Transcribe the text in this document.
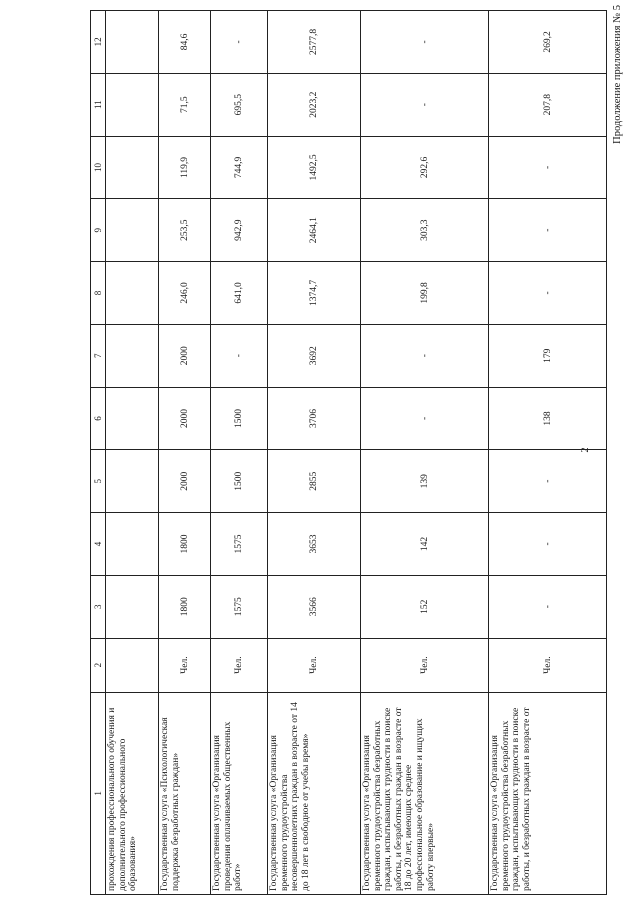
2
Продолжение приложения № 5
1	2	3	4	5	6	7	8	9	10	11	12
прохождения профессионального обучения и дополнительного профессионального образования»											
Государственная услуга «Психологическая поддержка безработных граждан»	Чел.	1800	1800	2000	2000	2000	246,0	253,5	119,9	71,5	84,6
Государственная услуга «Организация проведения оплачиваемых общественных работ»	Чел.	1575	1575	1500	1500	-	641,0	942,9	744,9	695,5	-
Государственная услуга «Организация временного трудоустройства несовершеннолетних граждан в возрасте от 14 до 18 лет в свободное от учебы время»	Чел.	3566	3653	2855	3706	3692	1374,7	2464,1	1492,5	2023,2	2577,8
Государственная услуга «Организация временного трудоустройства безработных граждан, испытывающих трудности в поиске работы, и безработных граждан в возрасте от 18 до 20 лет, имеющих среднее профессиональное образование и ищущих работу впервые»	Чел.	152	142	139	-	-	199,8	303,3	292,6	-	-
Государственная услуга «Организация временного трудоустройства безработных граждан, испытывающих трудности в поиске работы, и безработных граждан в возрасте от	Чел.	-	-	-	138	179	-	-	-	207,8	269,2
